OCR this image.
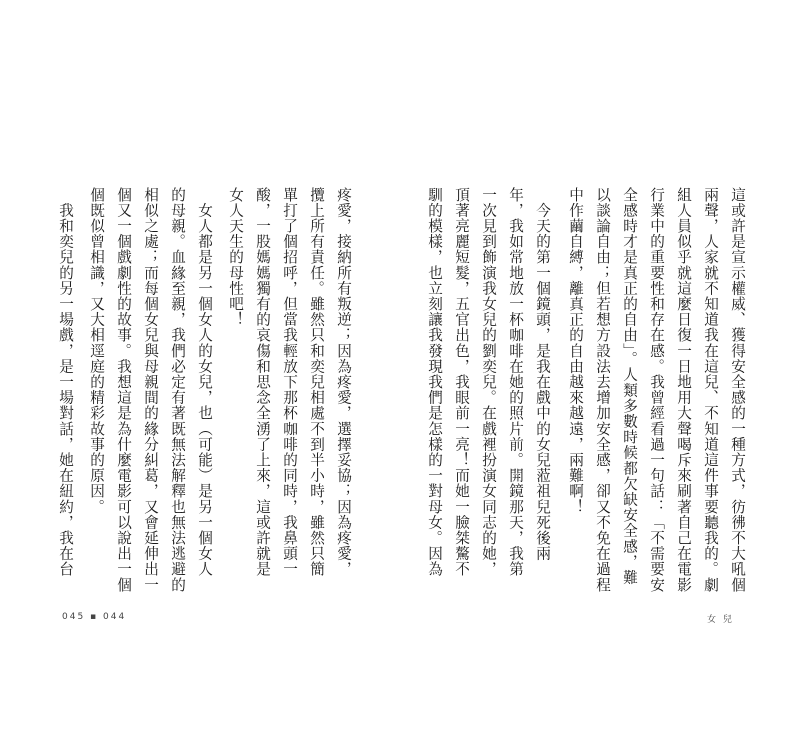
這或許是宣示權威、獲得安全感的一種方式，彷彿不大吼個
兩聲，人家就不知道我在這兒、不知道這件事要聽我的。劇
組人員似乎就這麼日復一日地用大聲喝斥來刷著自己在電影
行業中的重要性和存在感。我曾經看過一句話：「不需要安
全感時才是真正的自由」。人類多數時候都欠缺安全感，難
以談論自由；但若想方設法去增加安全感，卻又不免在過程
中作繭自縛，離真正的自由越來越遠，兩難啊！
　今天的第一個鏡頭，是我在戲中的女兒蒞祖兒死後兩
年，我如常地放一杯咖啡在她的照片前。開鏡那天，我第
一次見到飾演我女兒的劉奕兒。在戲裡扮演女同志的她，
頂著亮麗短髮，五官出色，我眼前一亮！而她一臉桀驁不
馴的模樣，也立刻讓我發現我們是怎樣的一對母女。因為
疼愛，接納所有叛逆；因為疼愛，選擇妥協；因為疼愛，
攬上所有責任。雖然只和奕兒相處不到半小時，雖然只簡
單打了個招呼，但當我輕放下那杯咖啡的同時，我鼻頭一
酸，一股媽媽獨有的哀傷和思念全湧了上來，這或許就是
女人天生的母性吧！
　女人都是另一個女人的女兒，也（可能）是另一個女人
的母親。血緣至親，我們必定有著既無法解釋也無法逃避的
相似之處；而每個女兒與母親間的緣分糾葛，又會延伸出一
個又一個戲劇性的故事。我想這是為什麼電影可以說出一個
個既似曾相識，又大相逕庭的精彩故事的原因。
　我和奕兒的另一場戲，是一場對話，她在紐約，我在台
045 ▪ 044	女 兒
